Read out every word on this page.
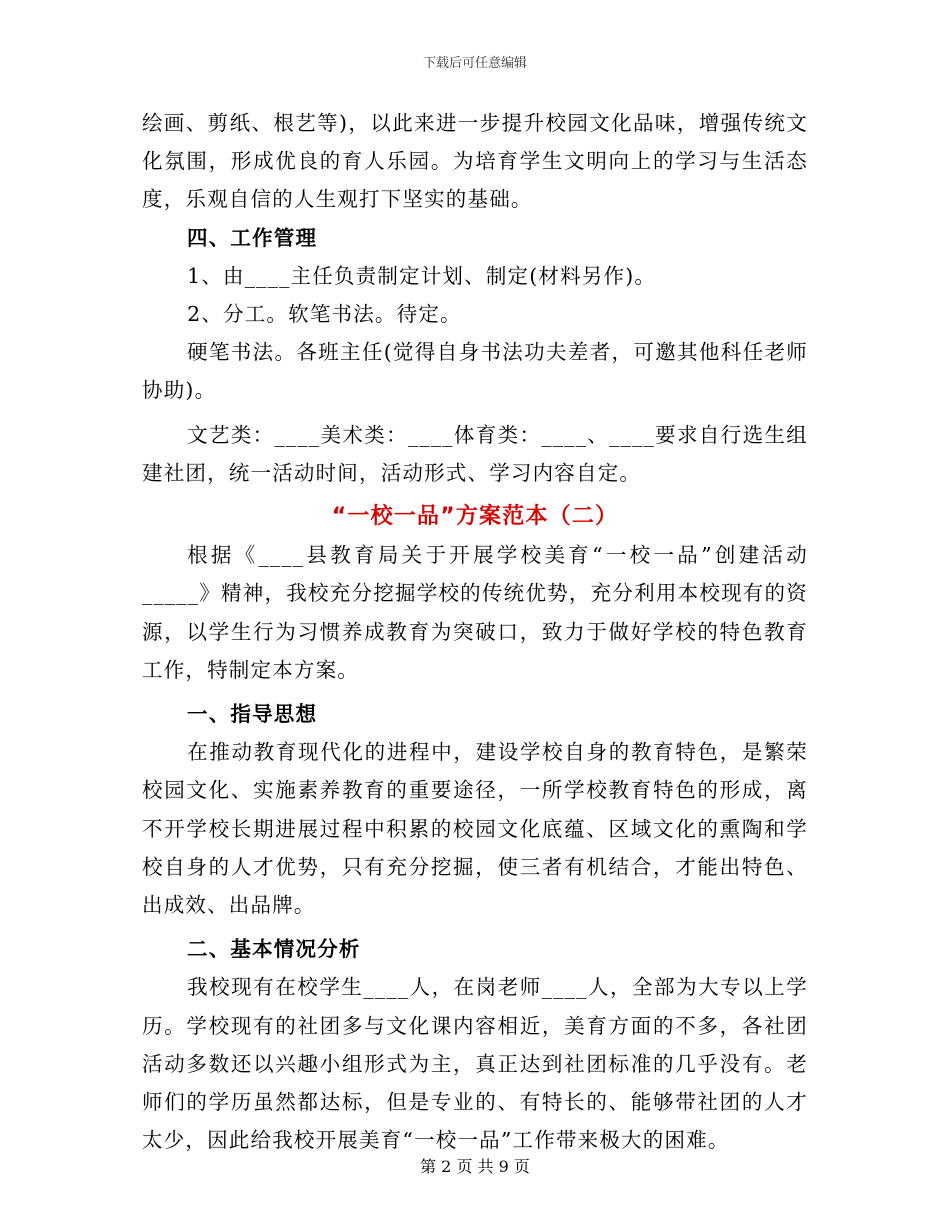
下载后可任意编辑

绘画、剪纸、根艺等)，以此来进一步提升校园文化品味，增强传统文化氛围，形成优良的育人乐园。为培育学生文明向上的学习与生活态度，乐观自信的人生观打下坚实的基础。

四、工作管理

1、由____主任负责制定计划、制定(材料另作)。

2、分工。软笔书法。待定。

硬笔书法。各班主任(觉得自身书法功夫差者，可邀其他科任老师协助)。

文艺类：____美术类：____体育类：____、____要求自行选生组建社团，统一活动时间，活动形式、学习内容自定。

“一校一品”方案范本（二）

根据《____县教育局关于开展学校美育“一校一品”创建活动_____》精神，我校充分挖掘学校的传统优势，充分利用本校现有的资源，以学生行为习惯养成教育为突破口，致力于做好学校的特色教育工作，特制定本方案。

一、指导思想

在推动教育现代化的进程中，建设学校自身的教育特色，是繁荣校园文化、实施素养教育的重要途径，一所学校教育特色的形成，离不开学校长期进展过程中积累的校园文化底蕴、区域文化的熏陶和学校自身的人才优势，只有充分挖掘，使三者有机结合，才能出特色、出成效、出品牌。

二、基本情况分析

我校现有在校学生____人，在岗老师____人，全部为大专以上学历。学校现有的社团多与文化课内容相近，美育方面的不多，各社团活动多数还以兴趣小组形式为主，真正达到社团标准的几乎没有。老师们的学历虽然都达标，但是专业的、有特长的、能够带社团的人才太少，因此给我校开展美育“一校一品”工作带来极大的困难。

第 2 页 共 9 页
